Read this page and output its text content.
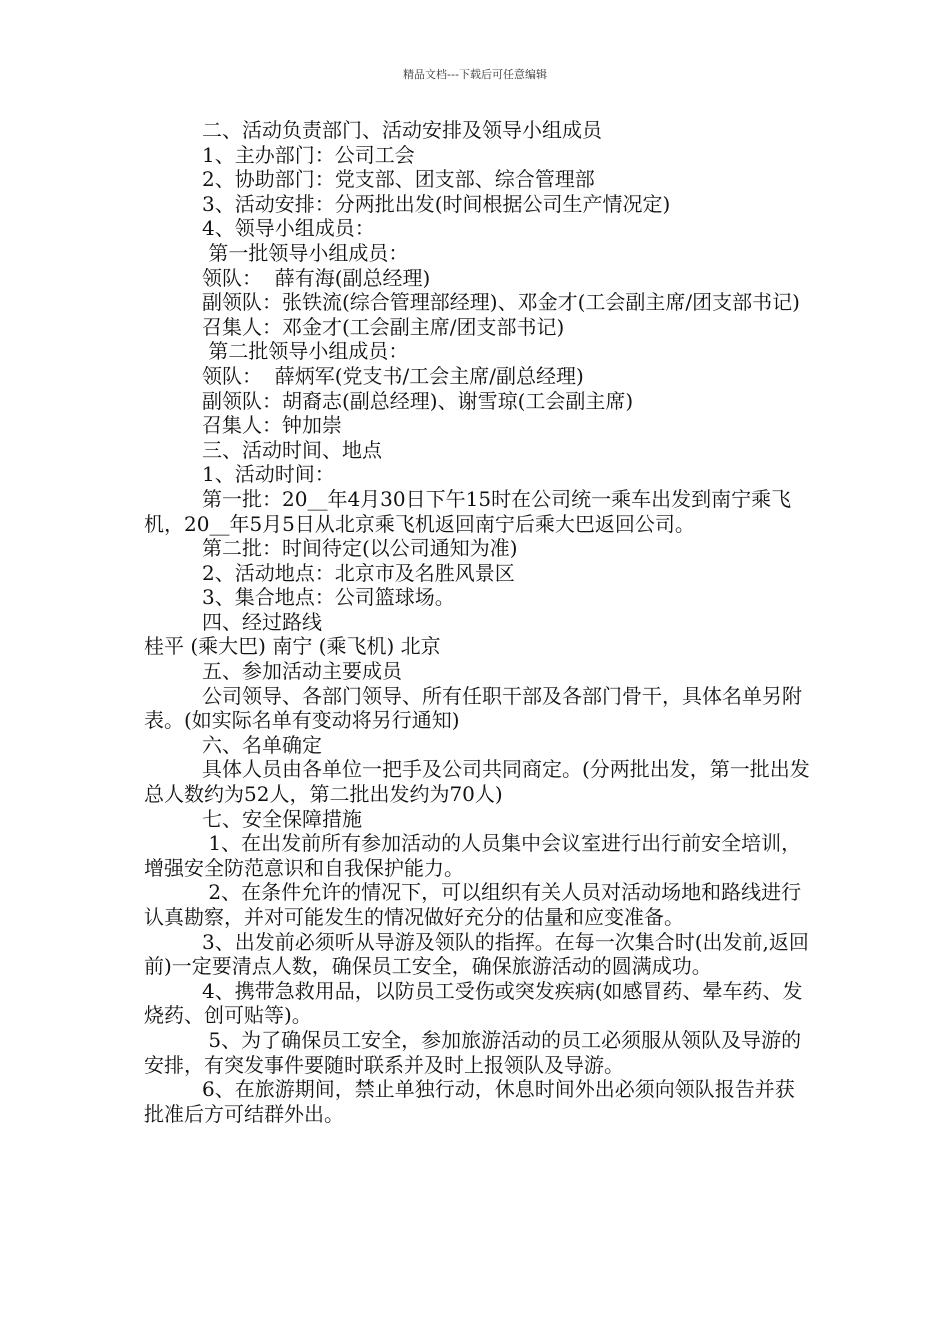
精品文档---下载后可任意编辑

二、活动负责部门、活动安排及领导小组成员

1、主办部门：公司工会

2、协助部门：党支部、团支部、综合管理部

3、活动安排：分两批出发(时间根据公司生产情况定)

4、领导小组成员：

第一批领导小组成员：

领队：  薛有海(副总经理)

副领队：张铁流(综合管理部经理)、邓金才(工会副主席/团支部书记)

召集人：邓金才(工会副主席/团支部书记)

第二批领导小组成员：

领队：  薛炳军(党支书/工会主席/副总经理)

副领队：胡裔志(副总经理)、谢雪琼(工会副主席)

召集人：钟加崇

三、活动时间、地点

1、活动时间：

第一批：20__年4月30日下午15时在公司统一乘车出发到南宁乘飞机，20__年5月5日从北京乘飞机返回南宁后乘大巴返回公司。

第二批：时间待定(以公司通知为准)

2、活动地点：北京市及名胜风景区

3、集合地点：公司篮球场。

四、经过路线

桂平 (乘大巴) 南宁 (乘飞机) 北京

五、参加活动主要成员

公司领导、各部门领导、所有任职干部及各部门骨干，具体名单另附表。(如实际名单有变动将另行通知)

六、名单确定

具体人员由各单位一把手及公司共同商定。(分两批出发，第一批出发总人数约为52人，第二批出发约为70人)

七、安全保障措施

1、在出发前所有参加活动的人员集中会议室进行出行前安全培训，增强安全防范意识和自我保护能力。

2、在条件允许的情况下，可以组织有关人员对活动场地和路线进行认真勘察，并对可能发生的情况做好充分的估量和应变准备。

3、出发前必须听从导游及领队的指挥。在每一次集合时(出发前,返回前)一定要清点人数，确保员工安全，确保旅游活动的圆满成功。

4、携带急救用品，以防员工受伤或突发疾病(如感冒药、晕车药、发烧药、创可贴等)。

5、为了确保员工安全，参加旅游活动的员工必须服从领队及导游的安排，有突发事件要随时联系并及时上报领队及导游。

6、在旅游期间，禁止单独行动，休息时间外出必须向领队报告并获批准后方可结群外出。
